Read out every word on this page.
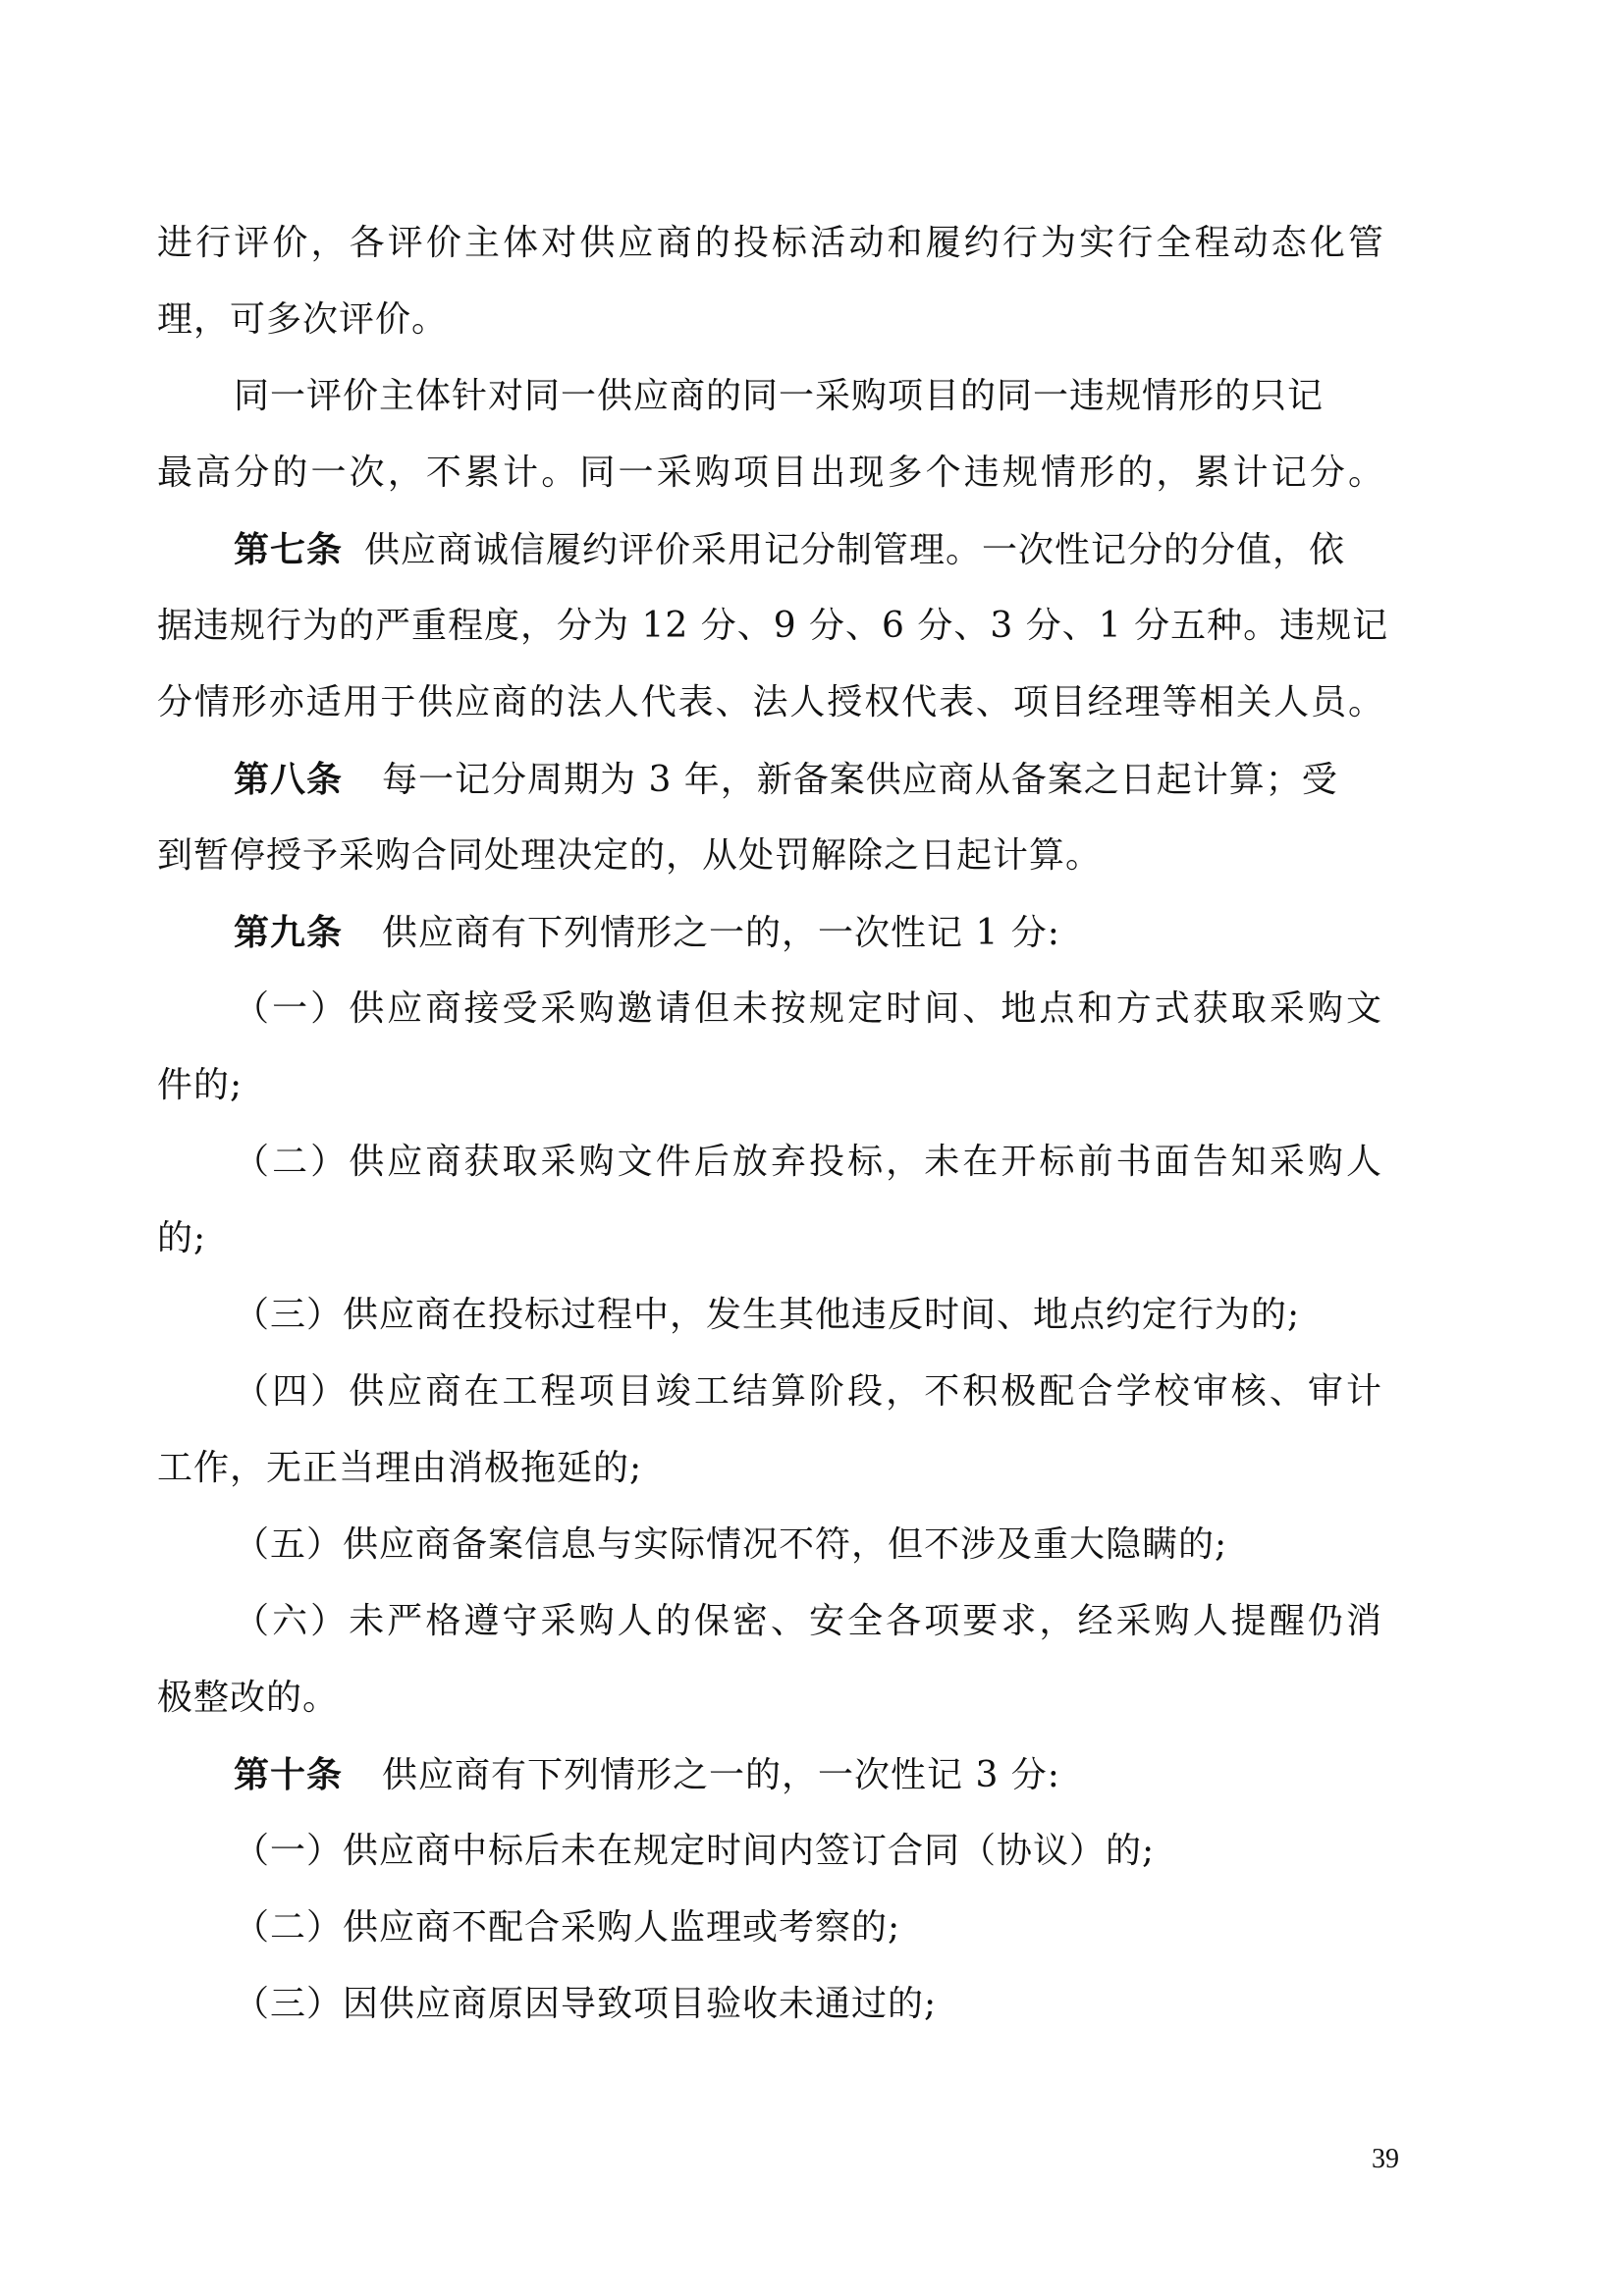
进行评价，各评价主体对供应商的投标活动和履约行为实行全程动态化管
理，可多次评价。
同一评价主体针对同一供应商的同一采购项目的同一违规情形的只记
最高分的一次，不累计。同一采购项目出现多个违规情形的，累计记分。
第七条 供应商诚信履约评价采用记分制管理。一次性记分的分值，依
据违规行为的严重程度，分为 12 分、9 分、6 分、3 分、1 分五种。违规记
分情形亦适用于供应商的法人代表、法人授权代表、项目经理等相关人员。
第八条 每一记分周期为 3 年，新备案供应商从备案之日起计算；受
到暂停授予采购合同处理决定的，从处罚解除之日起计算。
第九条 供应商有下列情形之一的，一次性记 1 分:
（一）供应商接受采购邀请但未按规定时间、地点和方式获取采购文
件的;
（二）供应商获取采购文件后放弃投标，未在开标前书面告知采购人
的;
（三）供应商在投标过程中，发生其他违反时间、地点约定行为的;
（四）供应商在工程项目竣工结算阶段，不积极配合学校审核、审计
工作，无正当理由消极拖延的;
（五）供应商备案信息与实际情况不符，但不涉及重大隐瞒的;
（六）未严格遵守采购人的保密、安全各项要求，经采购人提醒仍消
极整改的。
第十条 供应商有下列情形之一的，一次性记 3 分:
（一）供应商中标后未在规定时间内签订合同（协议）的;
（二）供应商不配合采购人监理或考察的;
（三）因供应商原因导致项目验收未通过的;
39
